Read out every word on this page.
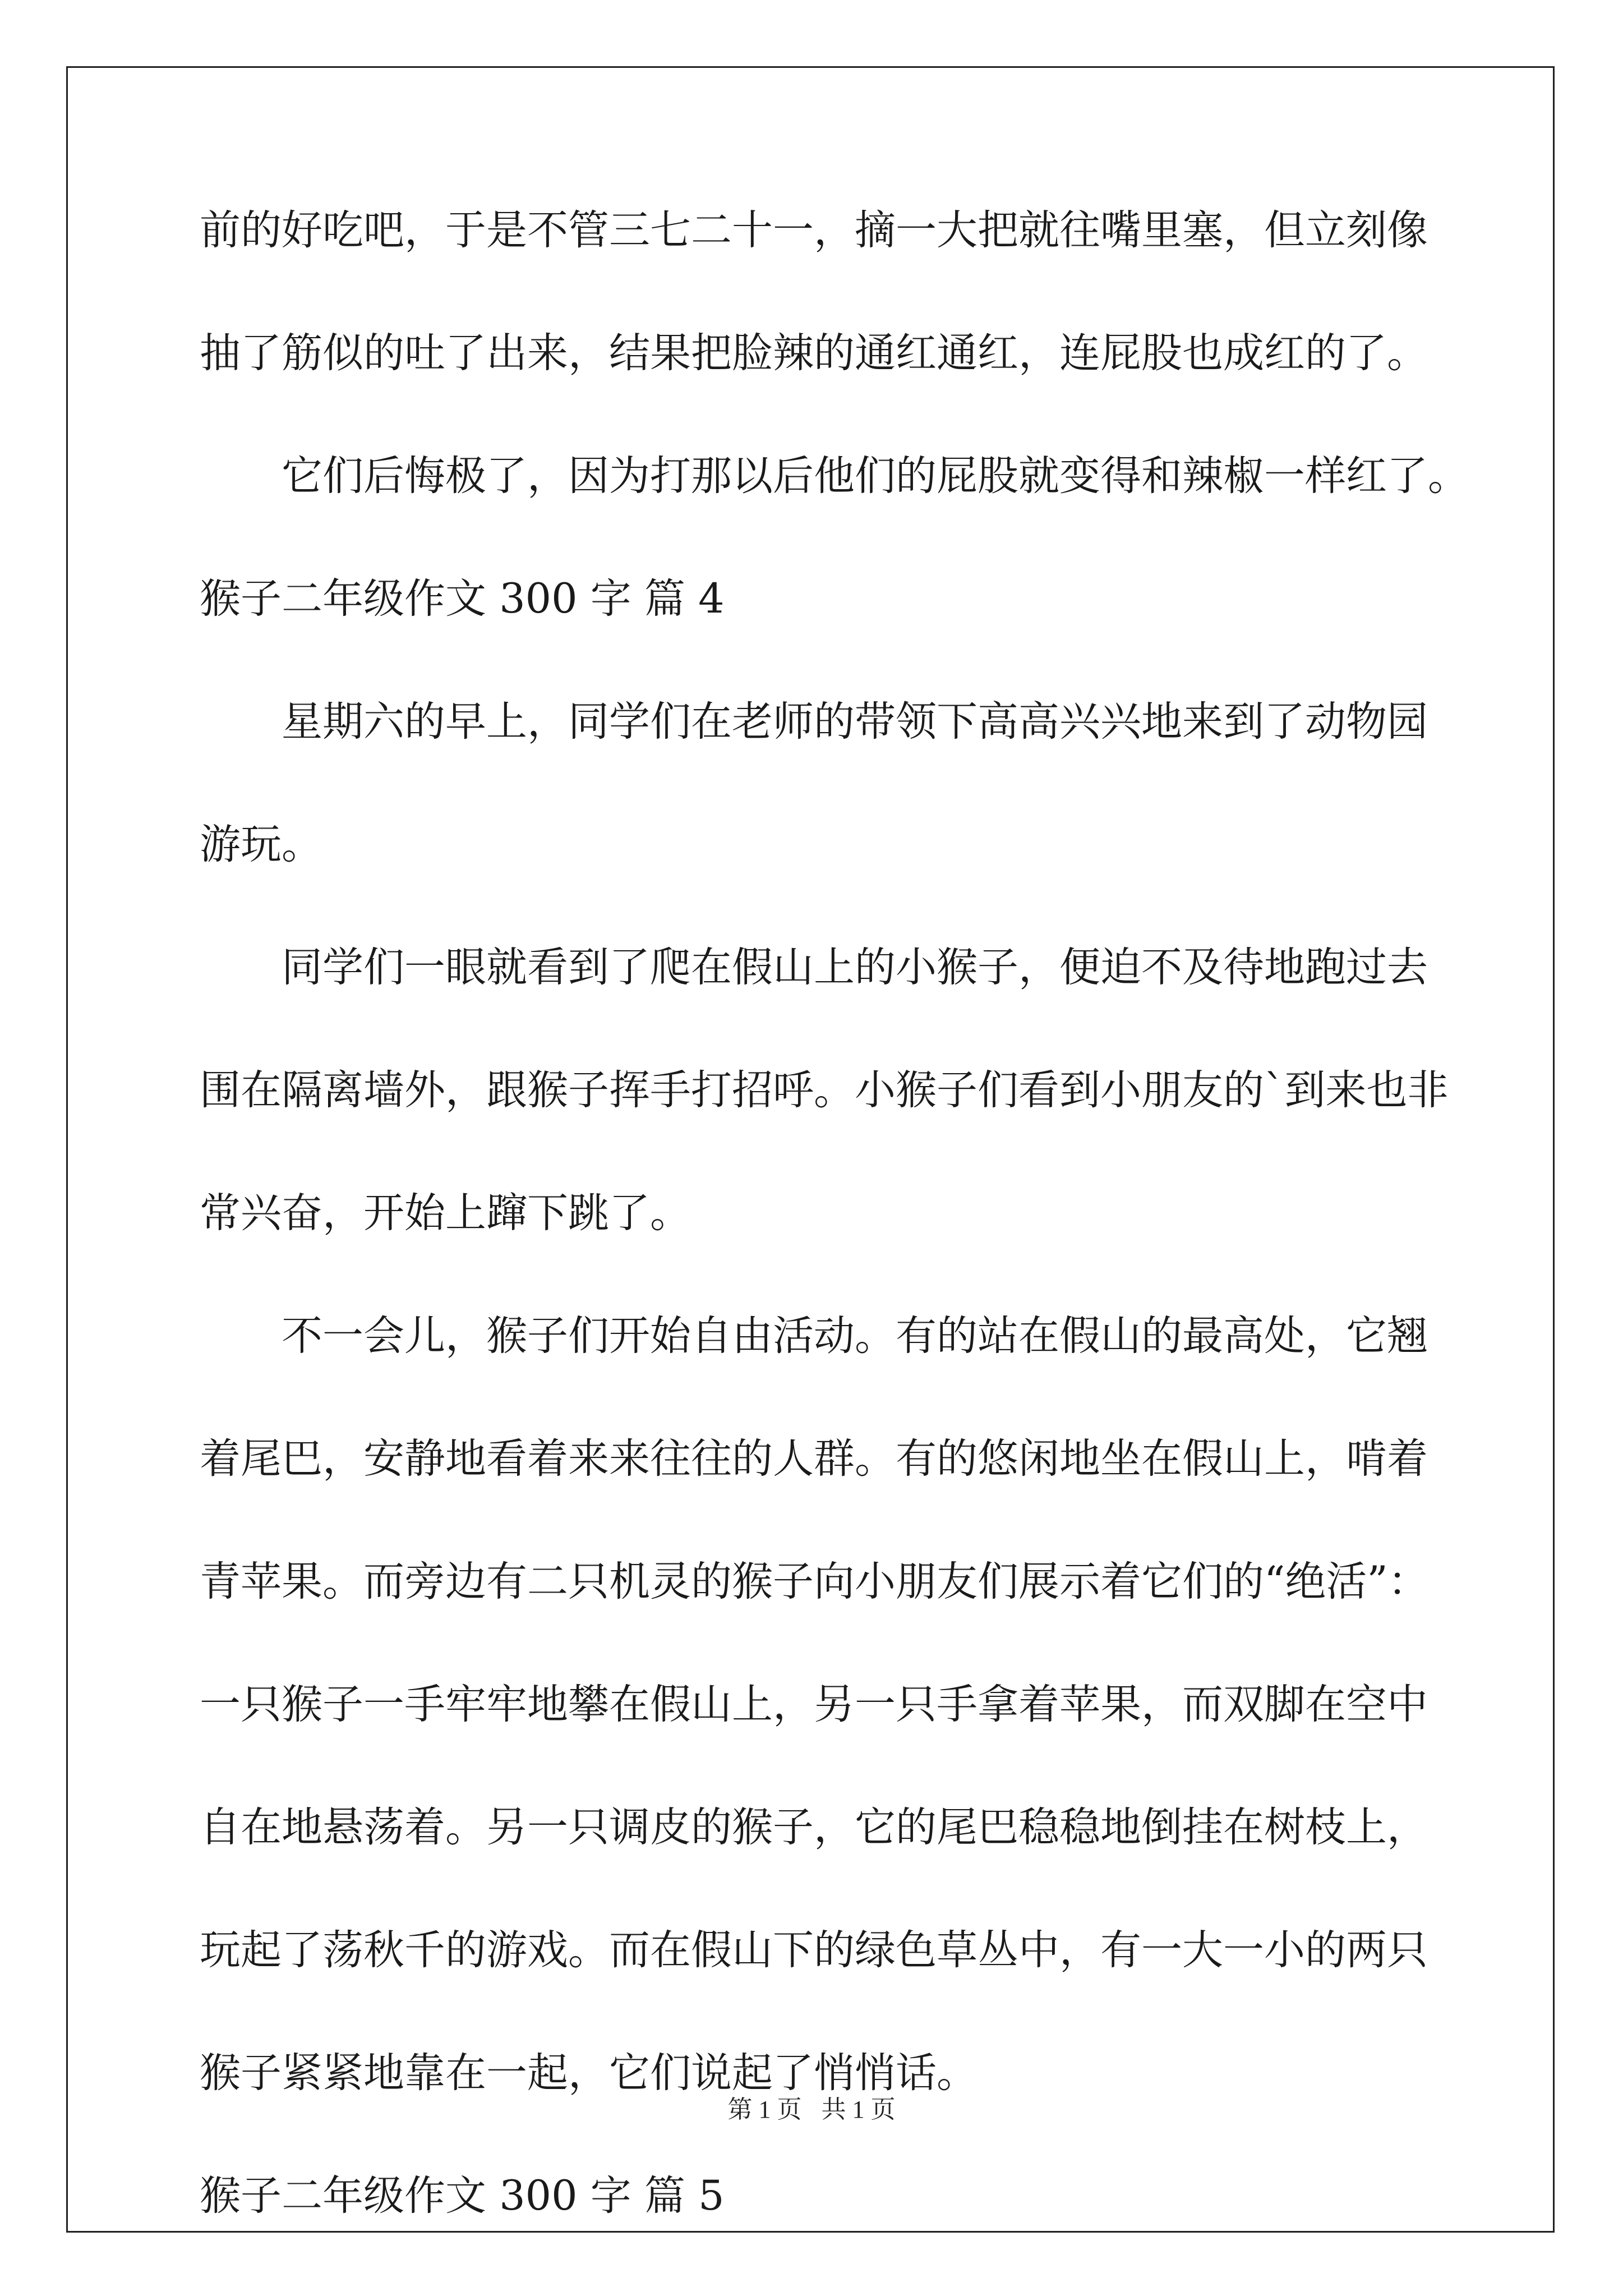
前的好吃吧，于是不管三七二十一，摘一大把就往嘴里塞，但立刻像
抽了筋似的吐了出来，结果把脸辣的通红通红，连屁股也成红的了。
它们后悔极了，因为打那以后他们的屁股就变得和辣椒一样红了。
猴子二年级作文 300 字 篇 4
星期六的早上，同学们在老师的带领下高高兴兴地来到了动物园
游玩。
同学们一眼就看到了爬在假山上的小猴子，便迫不及待地跑过去
围在隔离墙外，跟猴子挥手打招呼。小猴子们看到小朋友的`到来也非
常兴奋，开始上蹿下跳了。
不一会儿，猴子们开始自由活动。有的站在假山的最高处，它翘
着尾巴，安静地看着来来往往的人群。有的悠闲地坐在假山上，啃着
青苹果。而旁边有二只机灵的猴子向小朋友们展示着它们的“绝活”：
一只猴子一手牢牢地攀在假山上，另一只手拿着苹果，而双脚在空中
自在地悬荡着。另一只调皮的猴子，它的尾巴稳稳地倒挂在树枝上，
玩起了荡秋千的游戏。而在假山下的绿色草丛中，有一大一小的两只
猴子紧紧地靠在一起，它们说起了悄悄话。
猴子二年级作文 300 字 篇 5
第 1 页 共 1 页
